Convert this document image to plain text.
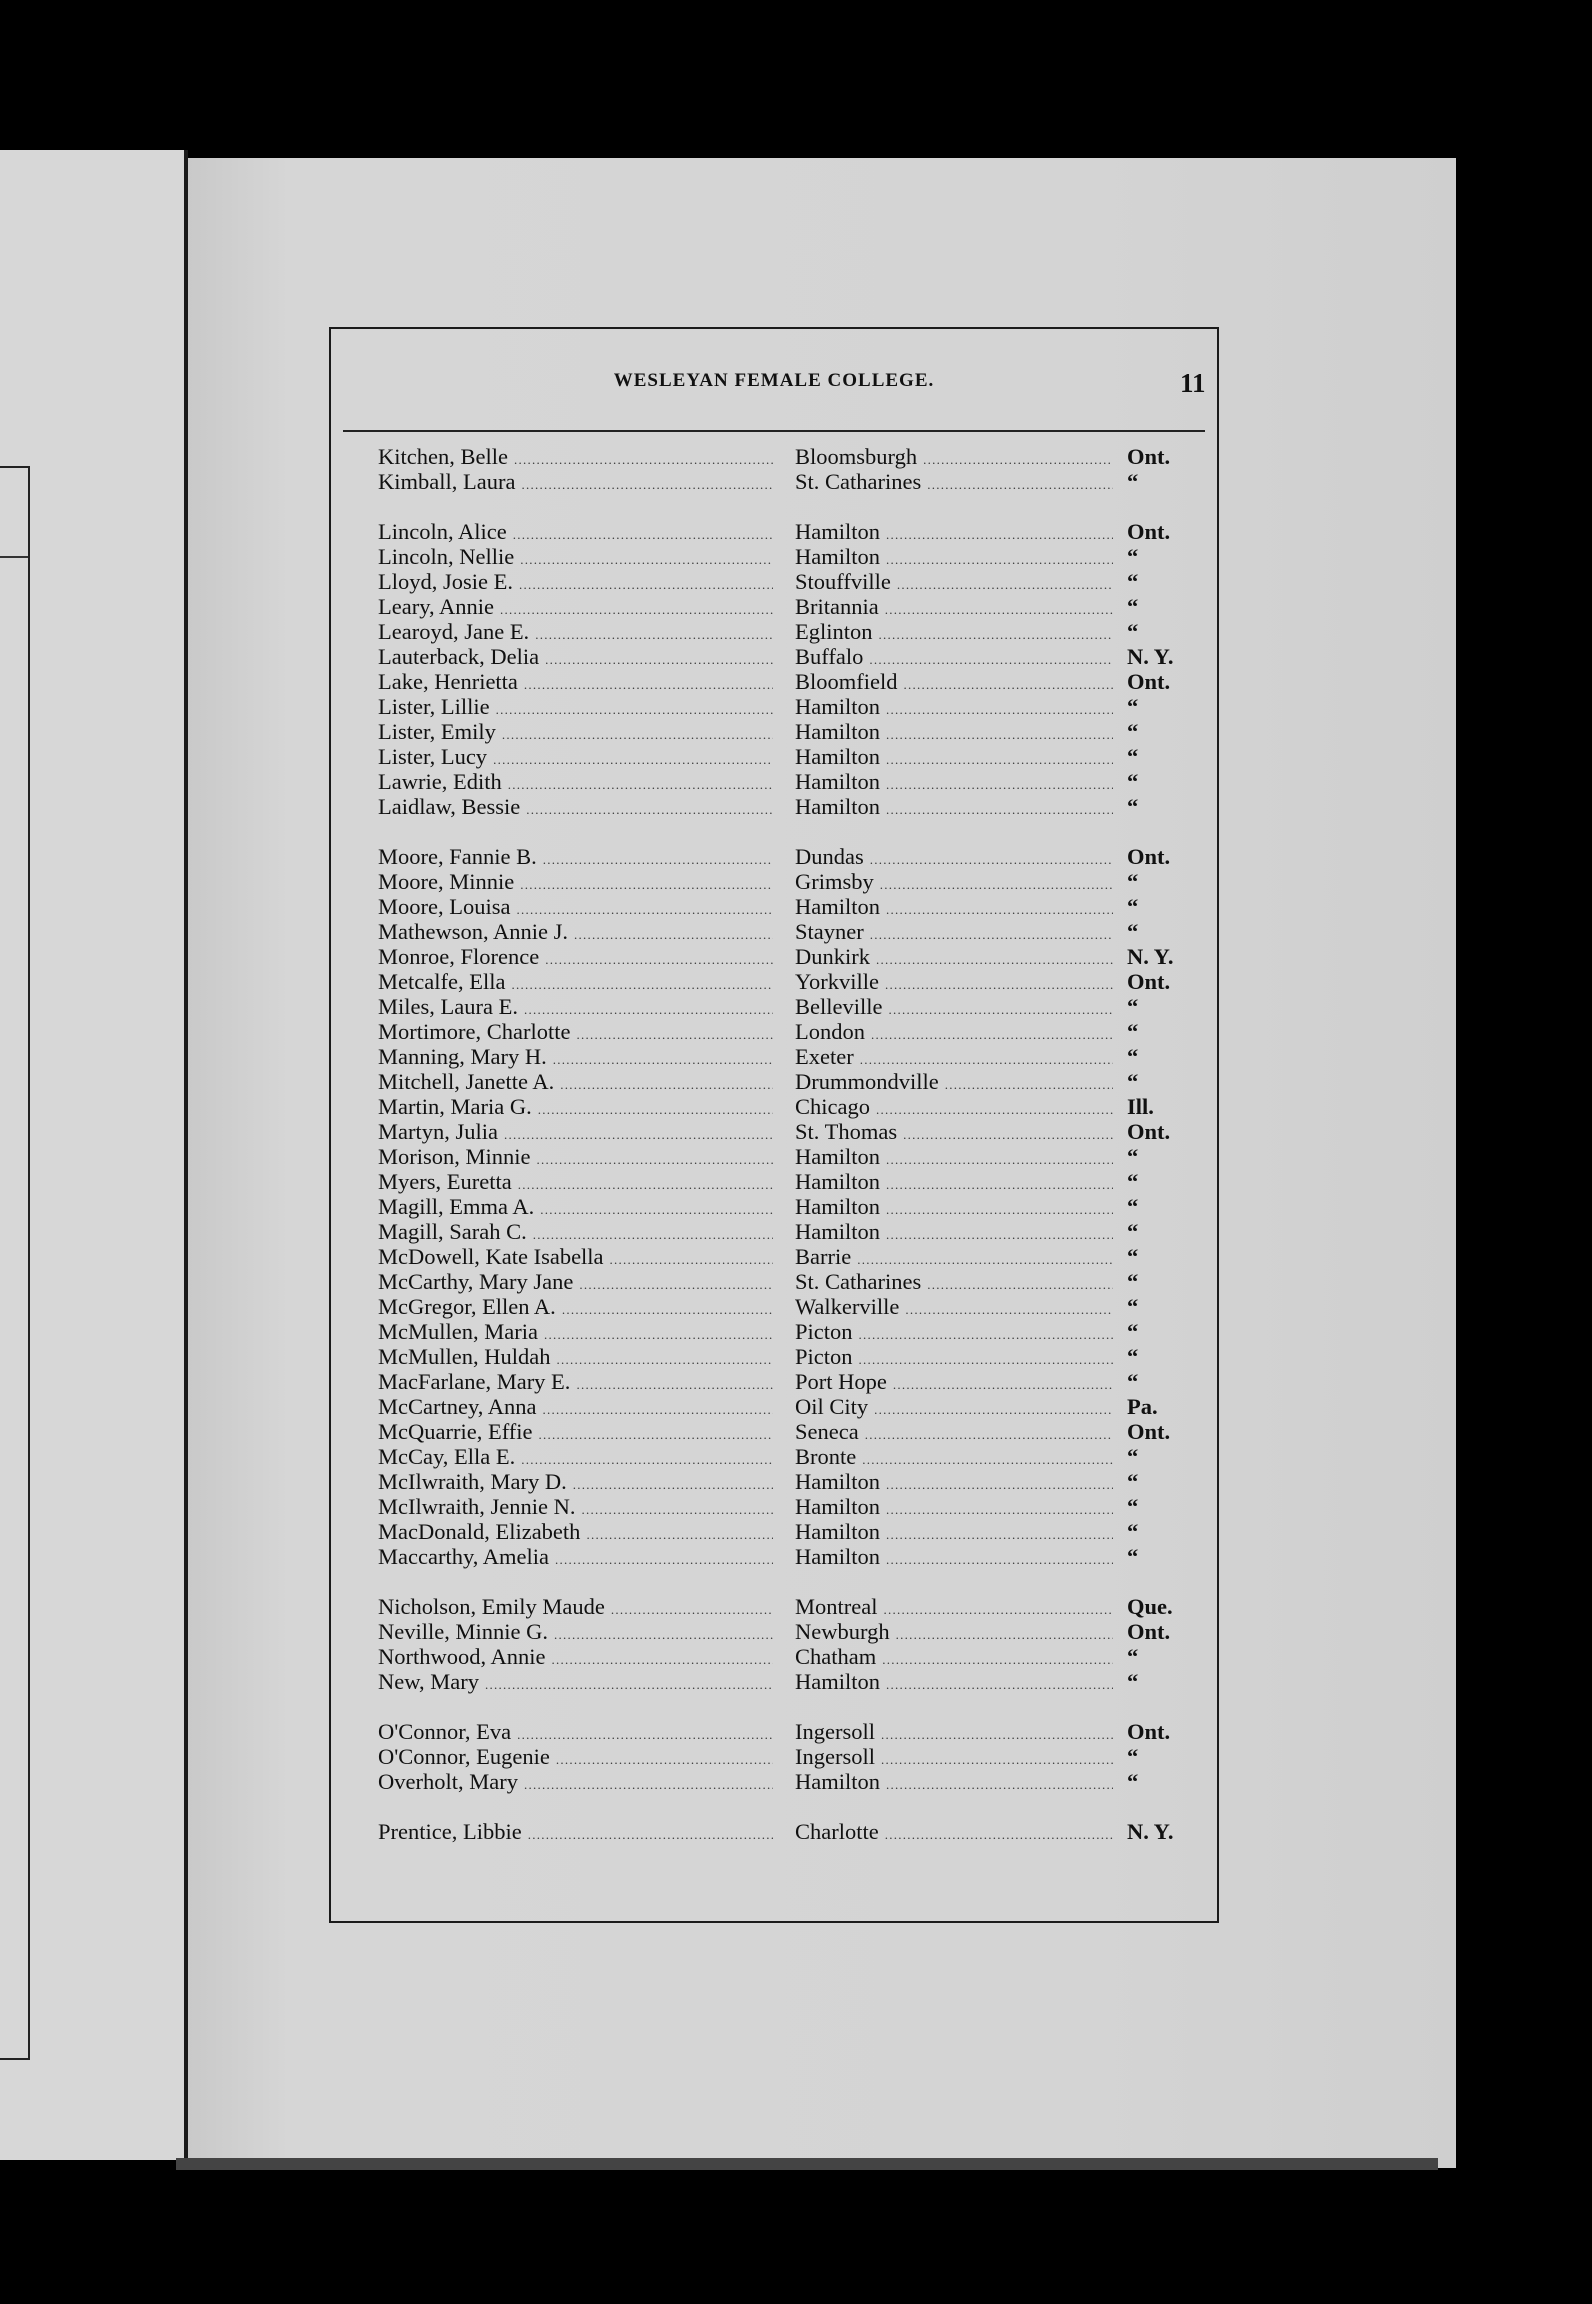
WESLEYAN FEMALE COLLEGE.	11
Kitchen, Belle . . .	Bloomsburgh . . .	Ont.
Kimball, Laura . . .	St. Catharines . . .	“
Lincoln, Alice . . .	Hamilton . . .	Ont.
Lincoln, Nellie . . .	Hamilton . . .	“
Lloyd, Josie E. . . .	Stouffville . . .	“
Leary, Annie . . .	Britannia . . .	“
Learoyd, Jane E. . . .	Eglinton . . .	“
Lauterback, Delia . . .	Buffalo . . .	N. Y.
Lake, Henrietta . . .	Bloomfield . . .	Ont.
Lister, Lillie . . .	Hamilton . . .	“
Lister, Emily . . .	Hamilton . . .	“
Lister, Lucy . . .	Hamilton . . .	“
Lawrie, Edith . . .	Hamilton . . .	“
Laidlaw, Bessie . . .	Hamilton . . .	“
Moore, Fannie B. . . .	Dundas . . .	Ont.
Moore, Minnie . . .	Grimsby . . .	“
Moore, Louisa . . .	Hamilton . . .	“
Mathewson, Annie J. . . .	Stayner . . .	“
Monroe, Florence . . .	Dunkirk . . .	N. Y.
Metcalfe, Ella . . .	Yorkville . . .	Ont.
Miles, Laura E. . . .	Belleville . . .	“
Mortimore, Charlotte . . .	London . . .	“
Manning, Mary H. . . .	Exeter . . .	“
Mitchell, Janette A. . . .	Drummondville . . .	“
Martin, Maria G. . . .	Chicago . . .	Ill.
Martyn, Julia . . .	St. Thomas . . .	Ont.
Morison, Minnie . . .	Hamilton . . .	“
Myers, Euretta . . .	Hamilton . . .	“
Magill, Emma A. . . .	Hamilton . . .	“
Magill, Sarah C. . . .	Hamilton . . .	“
McDowell, Kate Isabella . . .	Barrie . . .	“
McCarthy, Mary Jane . . .	St. Catharines . . .	“
McGregor, Ellen A. . . .	Walkerville . . .	“
McMullen, Maria . . .	Picton . . .	“
McMullen, Huldah . . .	Picton . . .	“
MacFarlane, Mary E. . . .	Port Hope . . .	“
McCartney, Anna . . .	Oil City . . .	Pa.
McQuarrie, Effie . . .	Seneca . . .	Ont.
McCay, Ella E. . . .	Bronte . . .	“
McIlwraith, Mary D. . . .	Hamilton . . .	“
McIlwraith, Jennie N. . . .	Hamilton . . .	“
MacDonald, Elizabeth . . .	Hamilton . . .	“
Maccarthy, Amelia . . .	Hamilton . . .	“
Nicholson, Emily Maude . . .	Montreal . . .	Que.
Neville, Minnie G. . . .	Newburgh . . .	Ont.
Northwood, Annie . . .	Chatham . . .	“
New, Mary . . .	Hamilton . . .	“
O'Connor, Eva . . .	Ingersoll . . .	Ont.
O'Connor, Eugenie . . .	Ingersoll . . .	“
Overholt, Mary . . .	Hamilton . . .	“
Prentice, Libbie . . .	Charlotte . . .	N. Y.
